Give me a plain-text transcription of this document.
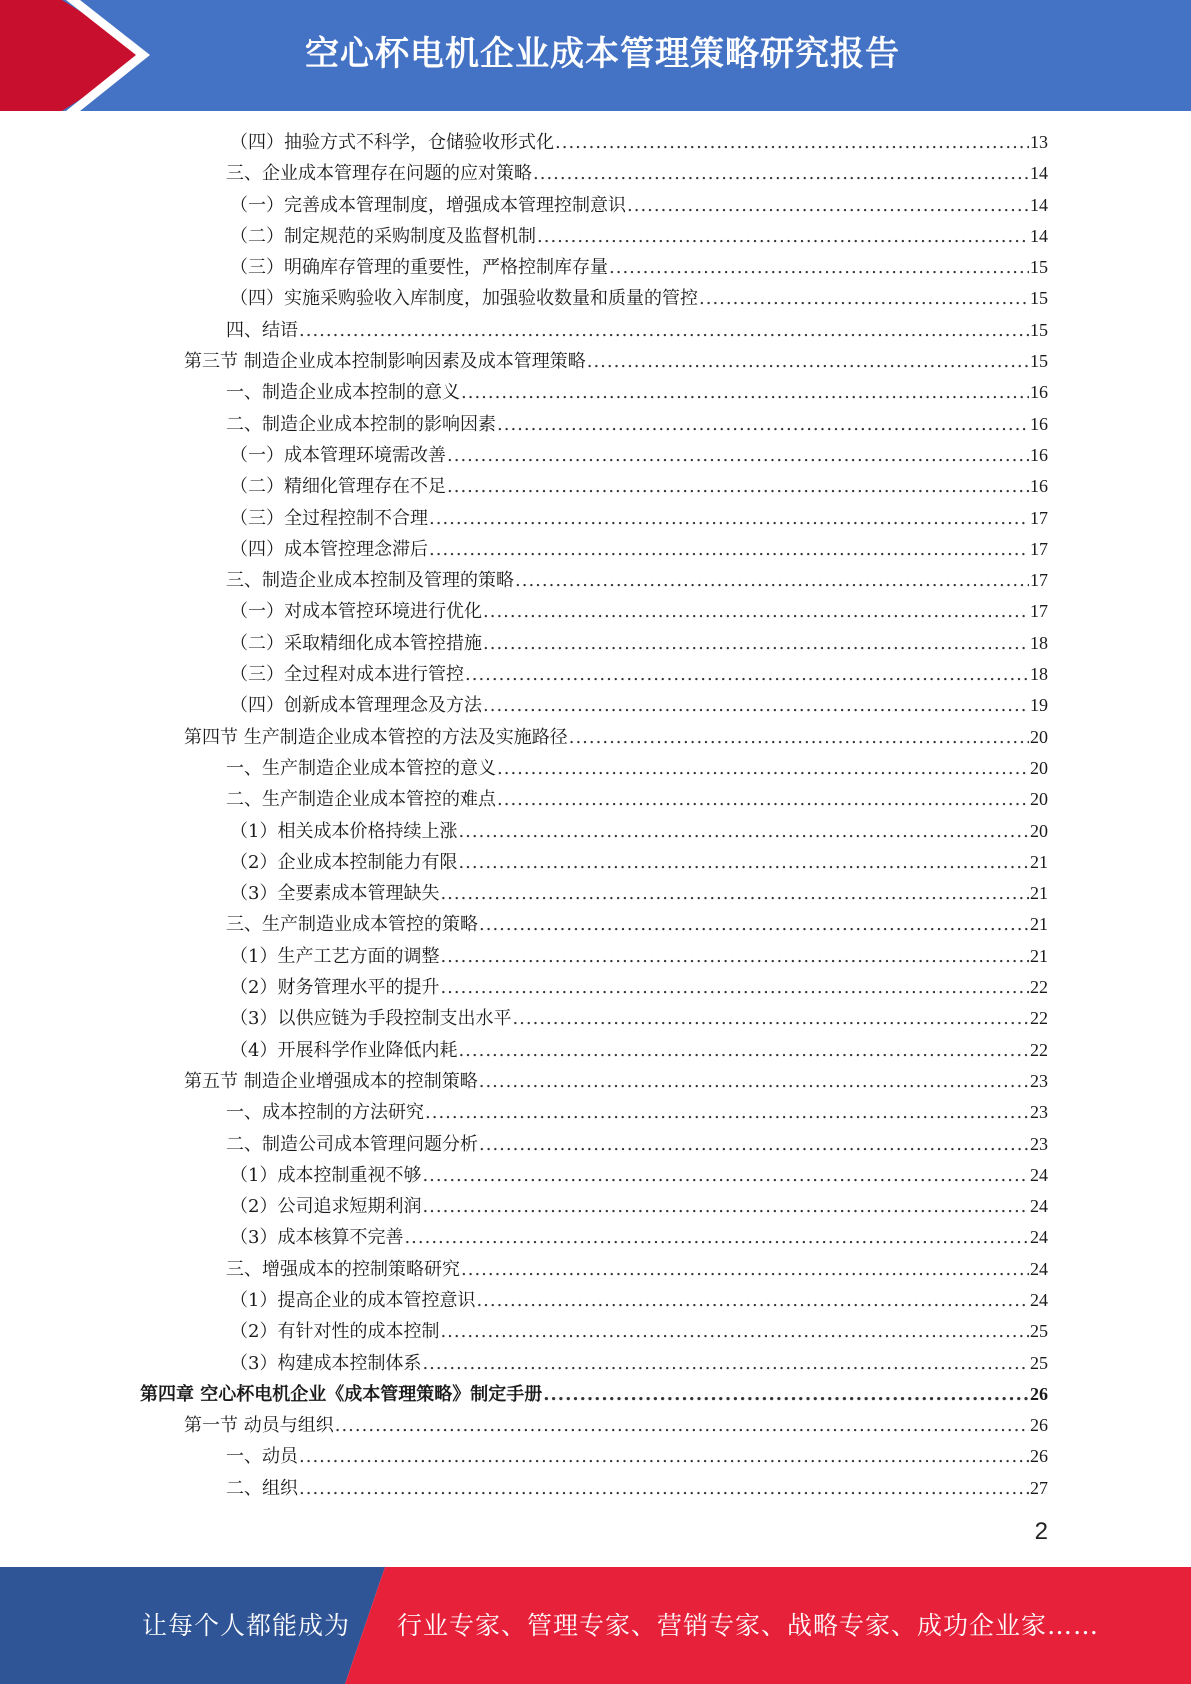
空心杯电机企业成本管理策略研究报告
（四）抽验方式不科学，仓储验收形式化 .....	13
三、企业成本管理存在问题的应对策略 .....	14
（一）完善成本管理制度，增强成本管理控制意识 .....	14
（二）制定规范的采购制度及监督机制 .....	14
（三）明确库存管理的重要性，严格控制库存量 .....	15
（四）实施采购验收入库制度，加强验收数量和质量的管控 .....	15
四、结语 .....	15
第三节 制造企业成本控制影响因素及成本管理策略 .....	15
一、制造企业成本控制的意义 .....	16
二、制造企业成本控制的影响因素 .....	16
（一）成本管理环境需改善 .....	16
（二）精细化管理存在不足 .....	16
（三）全过程控制不合理 .....	17
（四）成本管控理念滞后 .....	17
三、制造企业成本控制及管理的策略 .....	17
（一）对成本管控环境进行优化 .....	17
（二）采取精细化成本管控措施 .....	18
（三）全过程对成本进行管控 .....	18
（四）创新成本管理理念及方法 .....	19
第四节 生产制造企业成本管控的方法及实施路径 .....	20
一、生产制造企业成本管控的意义 .....	20
二、生产制造企业成本管控的难点 .....	20
（1）相关成本价格持续上涨 .....	20
（2）企业成本控制能力有限 .....	21
（3）全要素成本管理缺失 .....	21
三、生产制造业成本管控的策略 .....	21
（1）生产工艺方面的调整 .....	21
（2）财务管理水平的提升 .....	22
（3）以供应链为手段控制支出水平 .....	22
（4）开展科学作业降低内耗 .....	22
第五节 制造企业增强成本的控制策略 .....	23
一、成本控制的方法研究 .....	23
二、制造公司成本管理问题分析 .....	23
（1）成本控制重视不够 .....	24
（2）公司追求短期利润 .....	24
（3）成本核算不完善 .....	24
三、增强成本的控制策略研究 .....	24
（1）提高企业的成本管控意识 .....	24
（2）有针对性的成本控制 .....	25
（3）构建成本控制体系 .....	25
第四章 空心杯电机企业《成本管理策略》制定手册 .....	26
第一节 动员与组织 .....	26
一、动员 .....	26
二、组织 .....	27
2
让每个人都能成为 行业专家、管理专家、营销专家、战略专家、成功企业家……
